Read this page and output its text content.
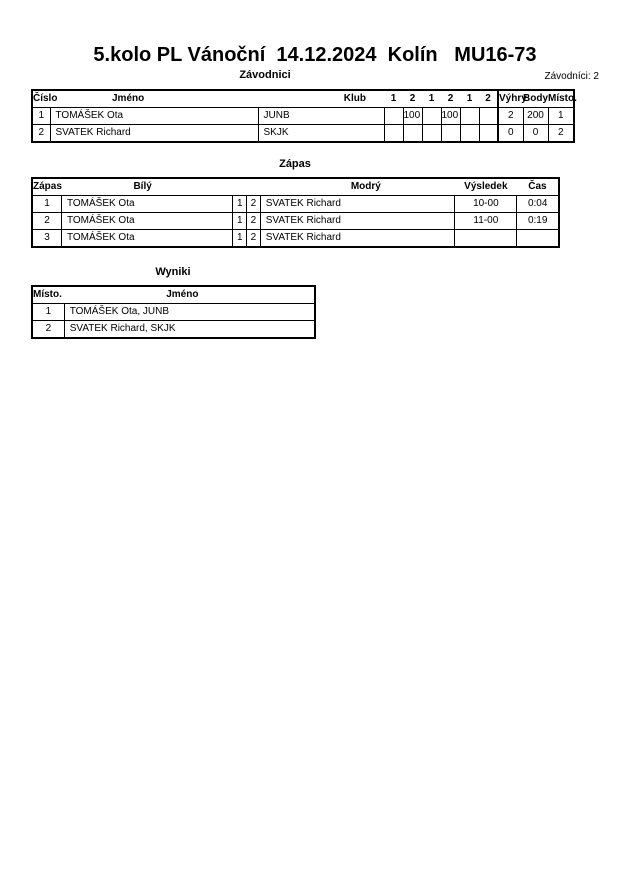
5.kolo PL Vánoční  14.12.2024  Kolín   MU16-73
Závodnici	Závodníci: 2
Číslo	Jméno	Klub	1	2	1	2	1	2	Výhry	Body	Místo.
1	TOMÁŠEK Ota	JUNB		100		100			2	200	1
2	SVATEK Richard	SKJK							0	0	2
Zápas
Zápas	Bílý			Modrý	Výsledek	Čas
1	TOMÁŠEK Ota	1	2	SVATEK Richard	10-00	0:04
2	TOMÁŠEK Ota	1	2	SVATEK Richard	11-00	0:19
3	TOMÁŠEK Ota	1	2	SVATEK Richard		
Wyniki
Místo.	Jméno
1	TOMÁŠEK Ota, JUNB
2	SVATEK Richard, SKJK
